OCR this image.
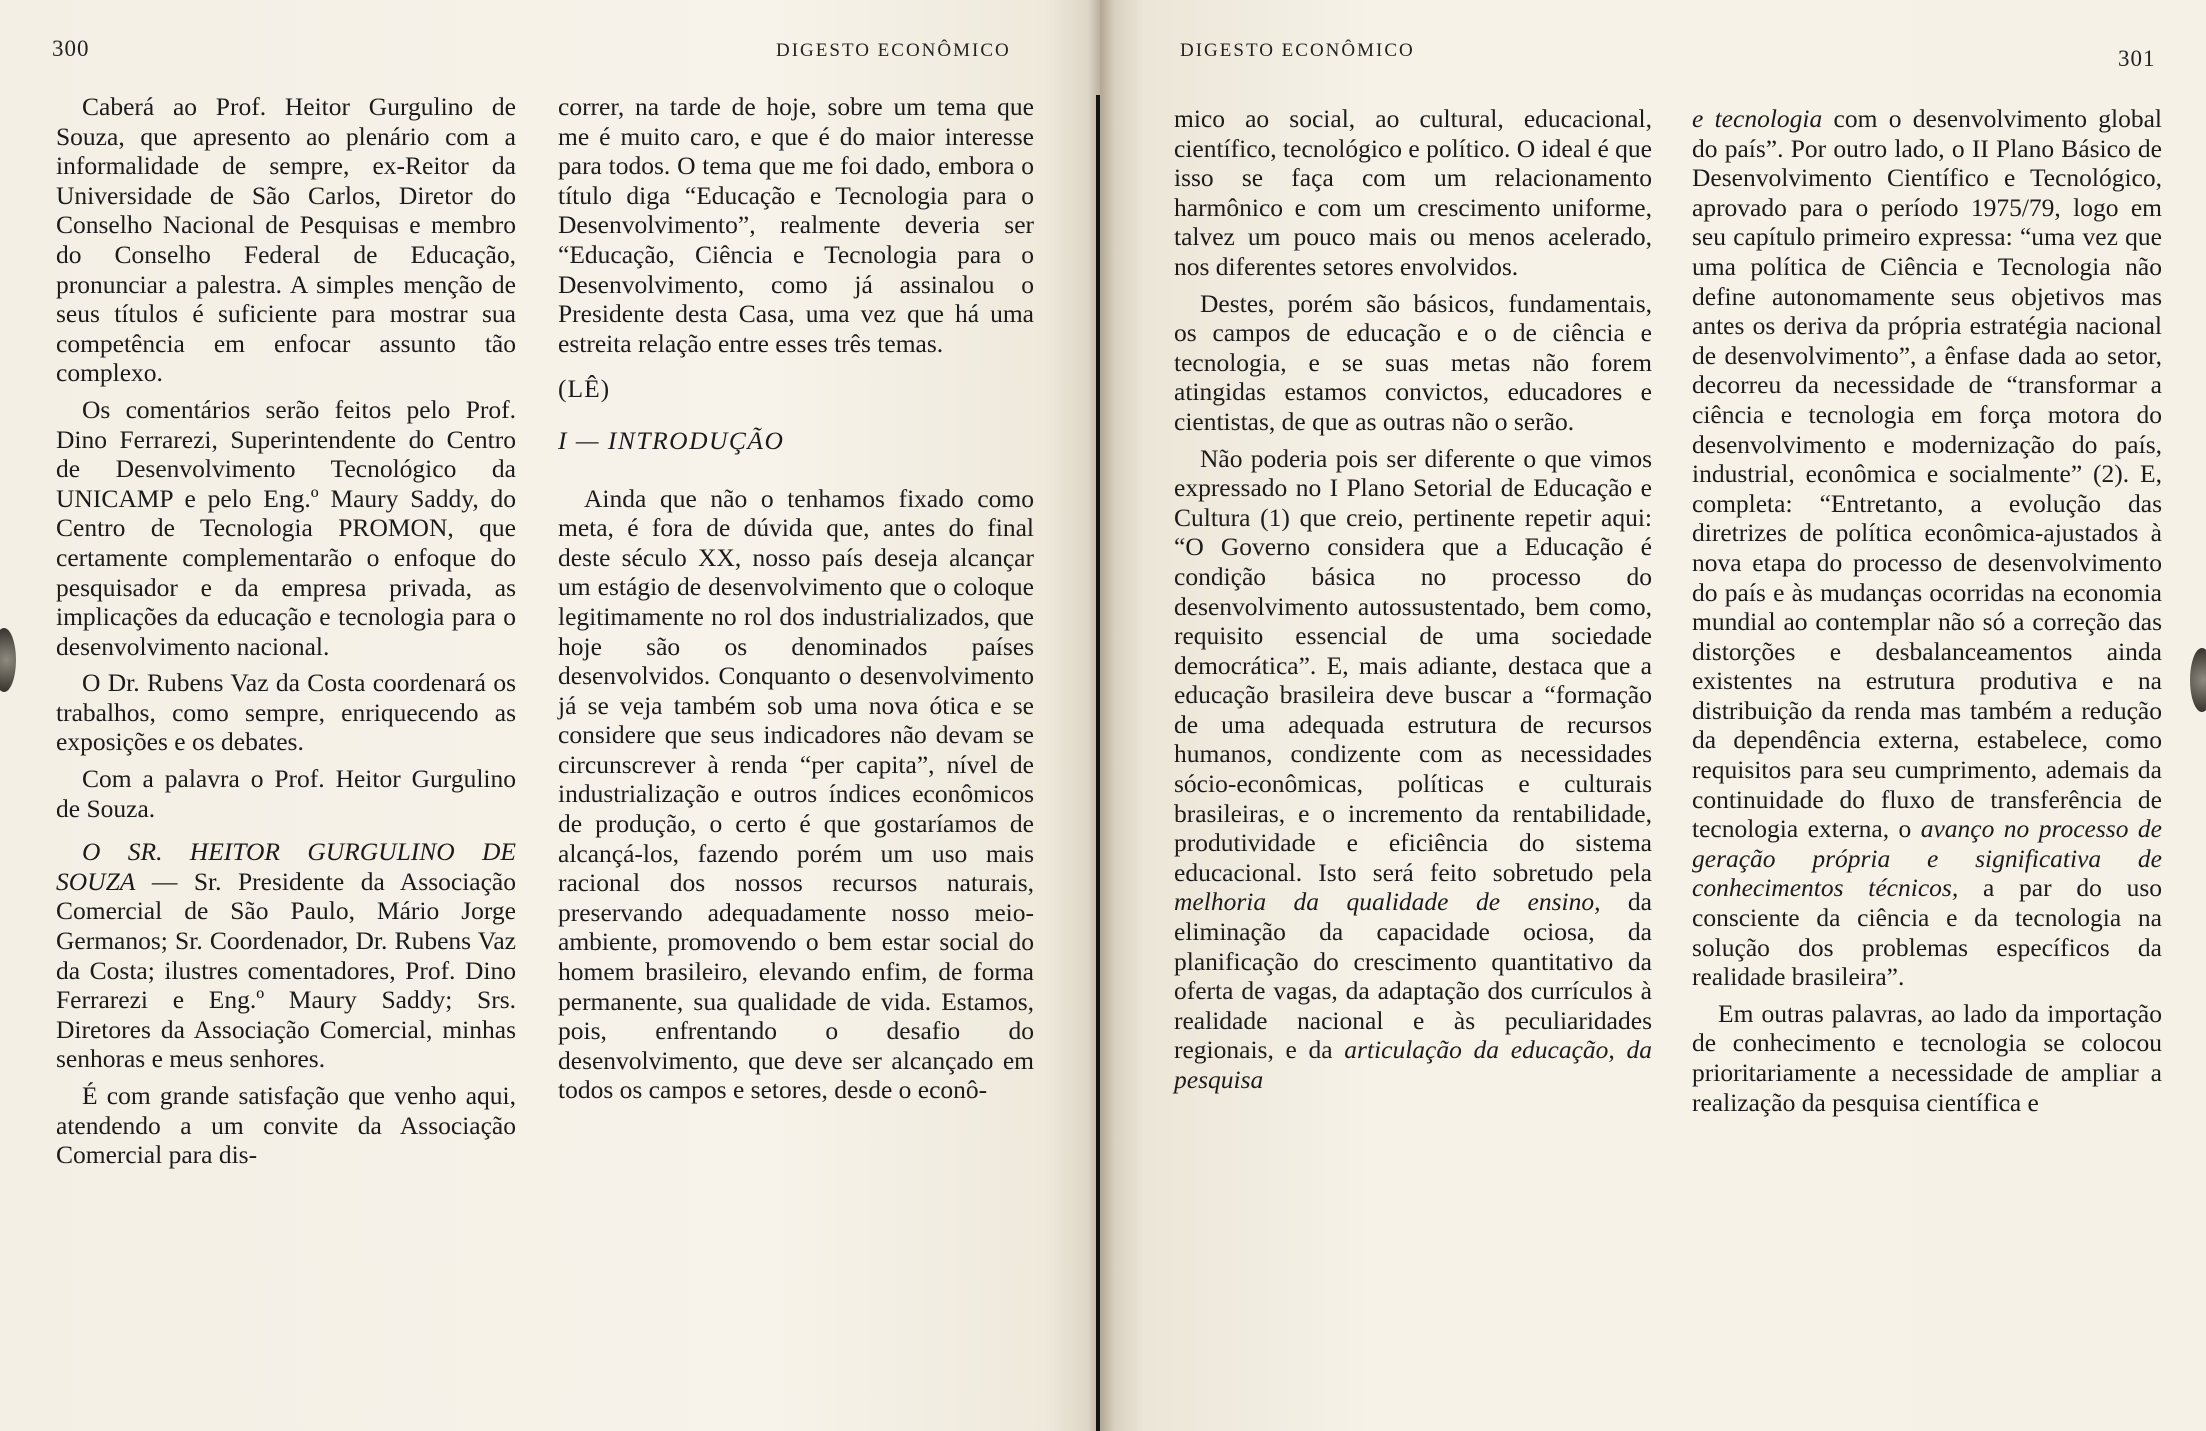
300	DIGESTO ECONÔMICO

Caberá ao Prof. Heitor Gurgulino de Souza, que apresento ao plenário com a informalidade de sempre, ex-Reitor da Universidade de São Carlos, Diretor do Conselho Nacional de Pesquisas e membro do Conselho Federal de Educação, pronunciar a palestra. A simples menção de seus títulos é suficiente para mostrar sua competência em enfocar assunto tão complexo.

Os comentários serão feitos pelo Prof. Dino Ferrarezi, Superintendente do Centro de Desenvolvimento Tecnológico da UNICAMP e pelo Eng.º Maury Saddy, do Centro de Tecnologia PROMON, que certamente complementarão o enfoque do pesquisador e da empresa privada, as implicações da educação e tecnologia para o desenvolvimento nacional.

O Dr. Rubens Vaz da Costa coordenará os trabalhos, como sempre, enriquecendo as exposições e os debates.

Com a palavra o Prof. Heitor Gurgulino de Souza.

O SR. HEITOR GURGULINO DE SOUZA — Sr. Presidente da Associação Comercial de São Paulo, Mário Jorge Germanos; Sr. Coordenador, Dr. Rubens Vaz da Costa; ilustres comentadores, Prof. Dino Ferrarezi e Eng.º Maury Saddy; Srs. Diretores da Associação Comercial, minhas senhoras e meus senhores.

É com grande satisfação que venho aqui, atendendo a um convite da Associação Comercial para dis-

correr, na tarde de hoje, sobre um tema que me é muito caro, e que é do maior interesse para todos. O tema que me foi dado, embora o título diga “Educação e Tecnologia para o Desenvolvimento”, realmente deveria ser “Educação, Ciência e Tecnologia para o Desenvolvimento, como já assinalou o Presidente desta Casa, uma vez que há uma estreita relação entre esses três temas.

(LÊ)

I — INTRODUÇÃO

Ainda que não o tenhamos fixado como meta, é fora de dúvida que, antes do final deste século XX, nosso país deseja alcançar um estágio de desenvolvimento que o coloque legitimamente no rol dos industrializados, que hoje são os denominados países desenvolvidos. Conquanto o desenvolvimento já se veja também sob uma nova ótica e se considere que seus indicadores não devam se circunscrever à renda “per capita”, nível de industrialização e outros índices econômicos de produção, o certo é que gostaríamos de alcançá-los, fazendo porém um uso mais racional dos nossos recursos naturais, preservando adequadamente nosso meio-ambiente, promovendo o bem estar social do homem brasileiro, elevando enfim, de forma permanente, sua qualidade de vida. Estamos, pois, enfrentando o desafio do desenvolvimento, que deve ser alcançado em todos os campos e setores, desde o econô-

DIGESTO ECONÔMICO	301

mico ao social, ao cultural, educacional, científico, tecnológico e político. O ideal é que isso se faça com um relacionamento harmônico e com um crescimento uniforme, talvez um pouco mais ou menos acelerado, nos diferentes setores envolvidos.

Destes, porém são básicos, fundamentais, os campos de educação e o de ciência e tecnologia, e se suas metas não forem atingidas estamos convictos, educadores e cientistas, de que as outras não o serão.

Não poderia pois ser diferente o que vimos expressado no I Plano Setorial de Educação e Cultura (1) que creio, pertinente repetir aqui: “O Governo considera que a Educação é condição básica no processo do desenvolvimento autossustentado, bem como, requisito essencial de uma sociedade democrática”. E, mais adiante, destaca que a educação brasileira deve buscar a “formação de uma adequada estrutura de recursos humanos, condizente com as necessidades sócio-econômicas, políticas e culturais brasileiras, e o incremento da rentabilidade, produtividade e eficiência do sistema educacional. Isto será feito sobretudo pela melhoria da qualidade de ensino, da eliminação da capacidade ociosa, da planificação do crescimento quantitativo da oferta de vagas, da adaptação dos currículos à realidade nacional e às peculiaridades regionais, e da articulação da educação, da pesquisa

e tecnologia com o desenvolvimento global do país”. Por outro lado, o II Plano Básico de Desenvolvimento Científico e Tecnológico, aprovado para o período 1975/79, logo em seu capítulo primeiro expressa: “uma vez que uma política de Ciência e Tecnologia não define autonomamente seus objetivos mas antes os deriva da própria estratégia nacional de desenvolvimento”, a ênfase dada ao setor, decorreu da necessidade de “transformar a ciência e tecnologia em força motora do desenvolvimento e modernização do país, industrial, econômica e socialmente” (2). E, completa: “Entretanto, a evolução das diretrizes de política econômica-ajustados à nova etapa do processo de desenvolvimento do país e às mudanças ocorridas na economia mundial ao contemplar não só a correção das distorções e desbalanceamentos ainda existentes na estrutura produtiva e na distribuição da renda mas também a redução da dependência externa, estabelece, como requisitos para seu cumprimento, ademais da continuidade do fluxo de transferência de tecnologia externa, o avanço no processo de geração própria e significativa de conhecimentos técnicos, a par do uso consciente da ciência e da tecnologia na solução dos problemas específicos da realidade brasileira”.

Em outras palavras, ao lado da importação de conhecimento e tecnologia se colocou prioritariamente a necessidade de ampliar a realização da pesquisa científica e
